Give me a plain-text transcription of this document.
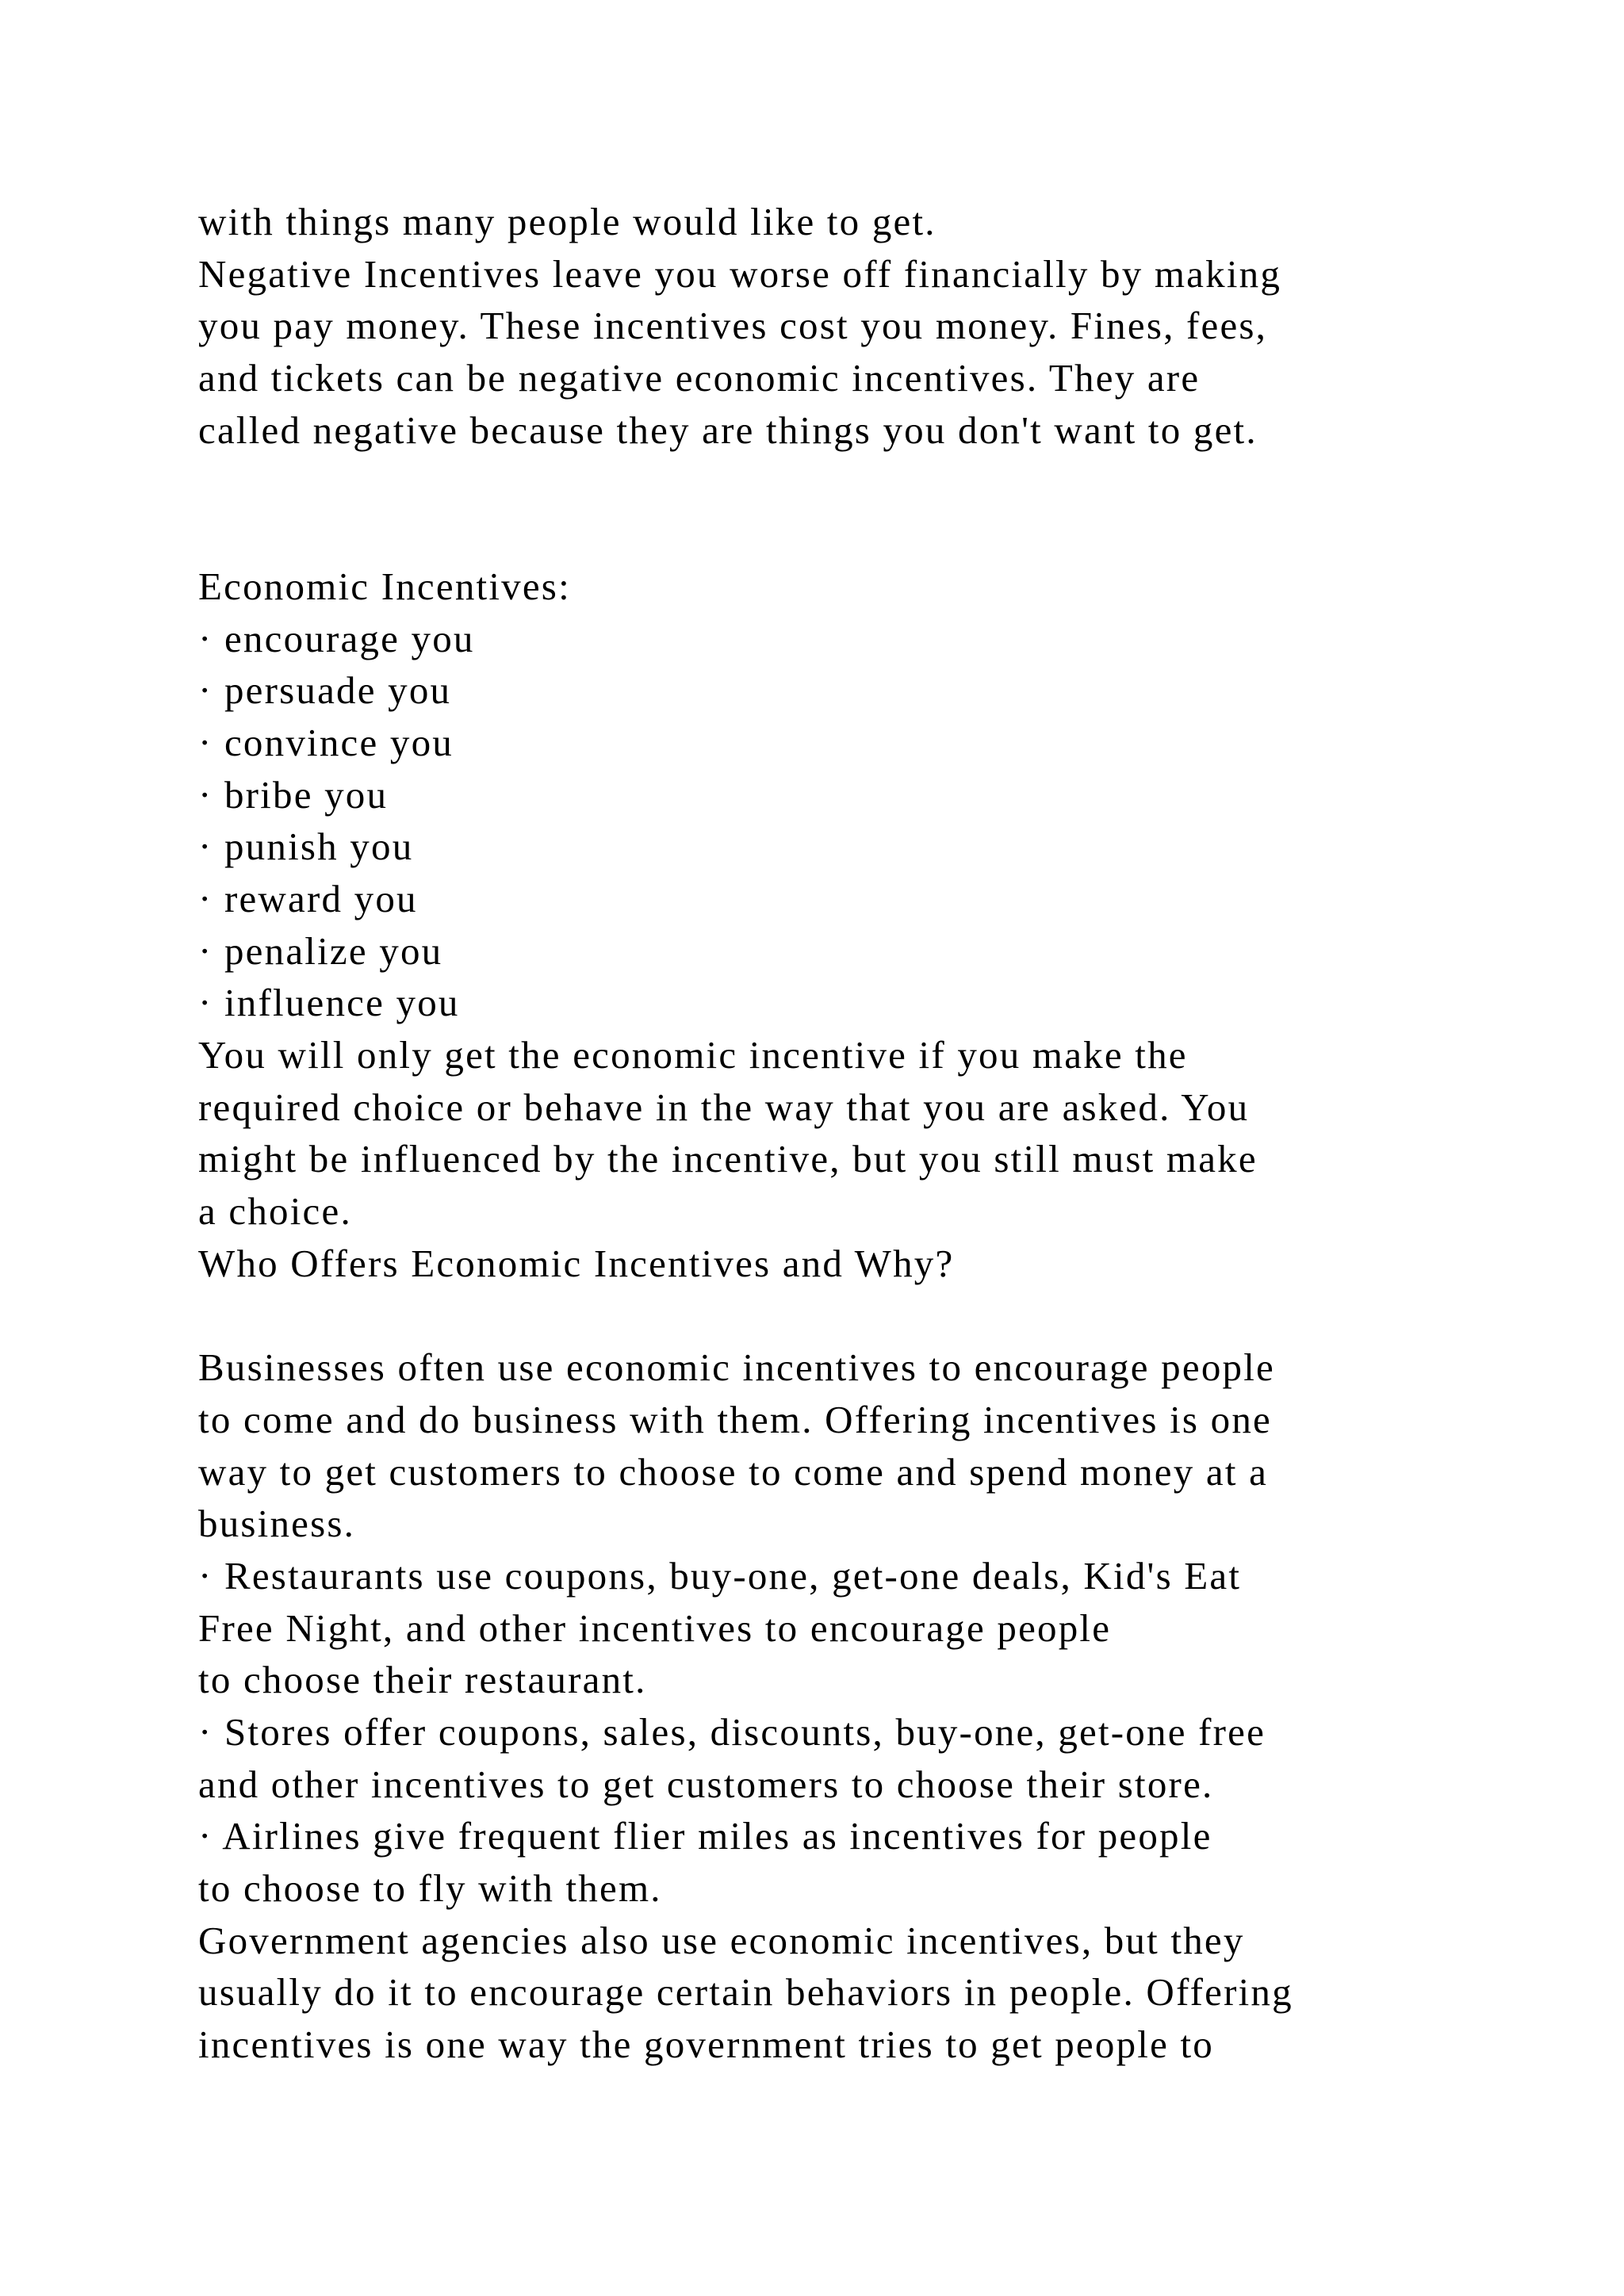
with things many people would like to get.
Negative Incentives leave you worse off financially by making
you pay money. These incentives cost you money. Fines, fees,
and tickets can be negative economic incentives. They are
called negative because they are things you don't want to get.
Economic Incentives:
· encourage you
· persuade you
· convince you
· bribe you
· punish you
· reward you
· penalize you
· influence you
You will only get the economic incentive if you make the
required choice or behave in the way that you are asked. You
might be influenced by the incentive, but you still must make
a choice.
Who Offers Economic Incentives and Why?
Businesses often use economic incentives to encourage people
to come and do business with them. Offering incentives is one
way to get customers to choose to come and spend money at a
business.
· Restaurants use coupons, buy-one, get-one deals, Kid's Eat
Free Night, and other incentives to encourage people
to choose their restaurant.
· Stores offer coupons, sales, discounts, buy-one, get-one free
and other incentives to get customers to choose their store.
· Airlines give frequent flier miles as incentives for people
to choose to fly with them.
Government agencies also use economic incentives, but they
usually do it to encourage certain behaviors in people. Offering
incentives is one way the government tries to get people to
